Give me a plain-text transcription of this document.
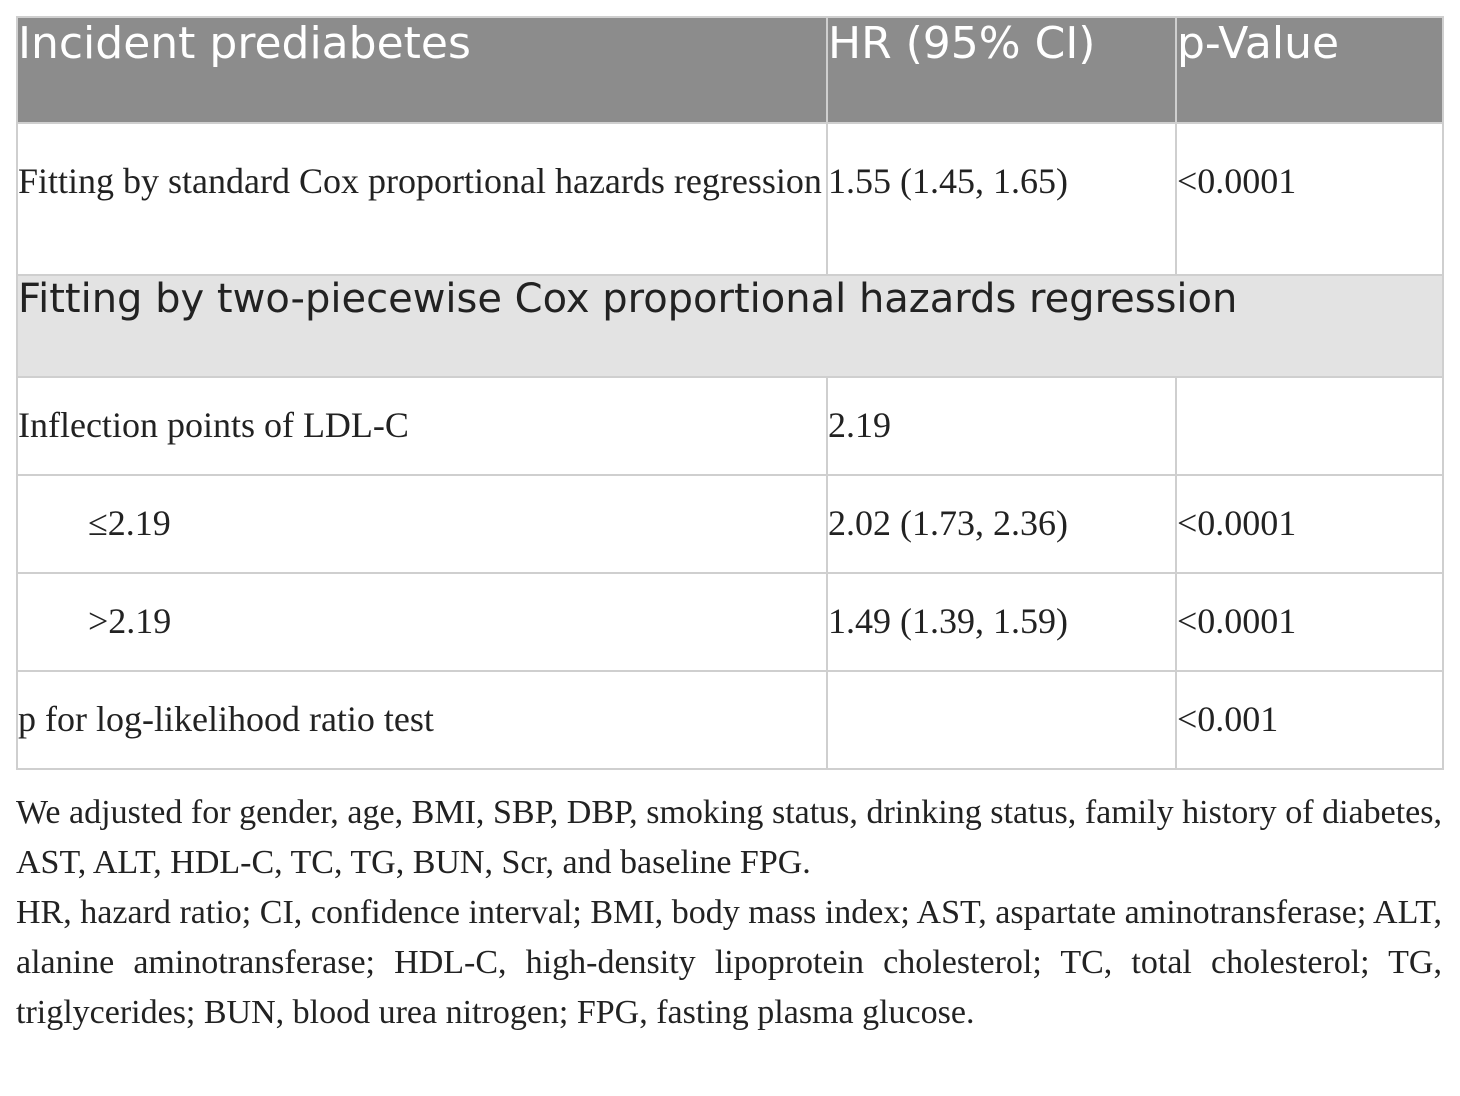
Incident prediabetes	HR (95% CI)	p-Value
Fitting by standard Cox proportional hazards regression	1.55 (1.45, 1.65)	<0.0001
Fitting by two-piecewise Cox proportional hazards regression		
Inflection points of LDL-C	2.19	
≤2.19	2.02 (1.73, 2.36)	<0.0001
>2.19	1.49 (1.39, 1.59)	<0.0001
p for log-likelihood ratio test		<0.001

We adjusted for gender, age, BMI, SBP, DBP, smoking status, drinking status, family history of diabetes, AST, ALT, HDL-C, TC, TG, BUN, Scr, and baseline FPG.

HR, hazard ratio; CI, confidence interval; BMI, body mass index; AST, aspartate aminotransferase; ALT, alanine aminotransferase; HDL-C, high-density lipoprotein cholesterol; TC, total cholesterol; TG, triglycerides; BUN, blood urea nitrogen; FPG, fasting plasma glucose.
